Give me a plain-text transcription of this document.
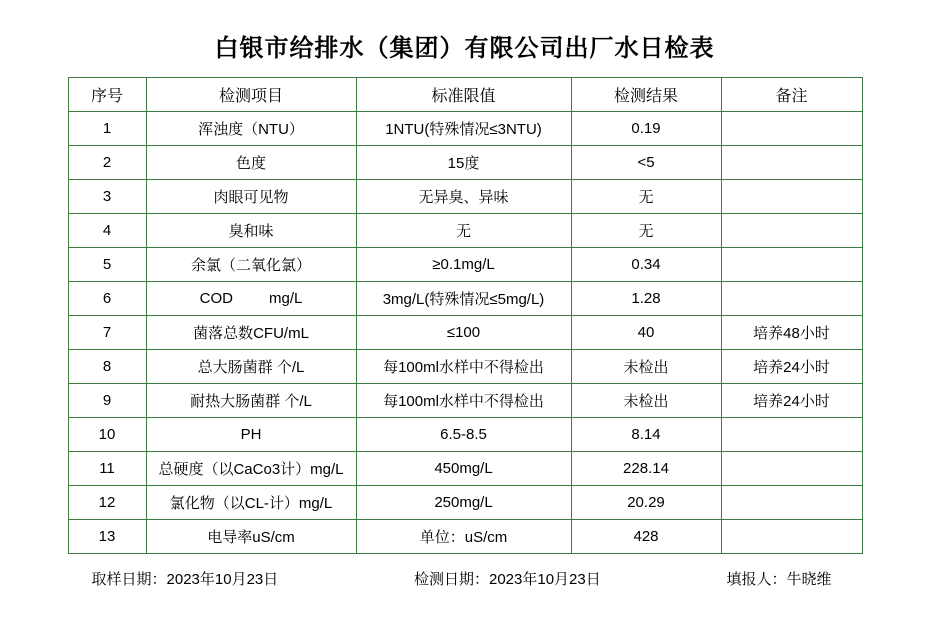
白银市给排水（集团）有限公司出厂水日检表
序号	检测项目	标准限值	检测结果	备注
1	浑浊度（NTU）	1NTU(特殊情况≤3NTU)	0.19	
2	色度	15度	<5	
3	肉眼可见物	无异臭、异味	无	
4	臭和味	无	无	
5	余氯（二氧化氯）	≥0.1mg/L	0.34	
6	COD mg/L	3mg/L(特殊情况≤5mg/L)	1.28	
7	菌落总数CFU/mL	≤100	40	培养48小时
8	总大肠菌群 个/L	每100ml水样中不得检出	未检出	培养24小时
9	耐热大肠菌群 个/L	每100ml水样中不得检出	未检出	培养24小时
10	PH	6.5-8.5	8.14	
11	总硬度（以CaCo3计）mg/L	450mg/L	228.14	
12	氯化物（以CL-计）mg/L	250mg/L	20.29	
13	电导率uS/cm	单位：uS/cm	428	
取样日期：2023年10月23日	检测日期：2023年10月23日	填报人：牛晓维
